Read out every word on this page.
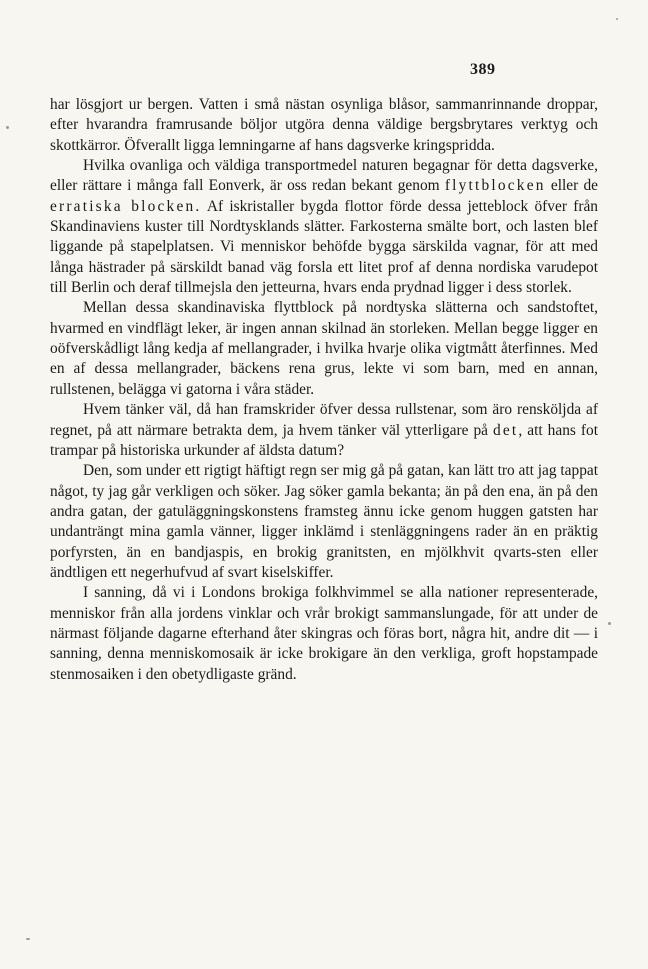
389

har lösgjort ur bergen. Vatten i små nästan osynliga blåsor, sammanrinnande droppar, efter hvarandra framrusande böljor utgöra denna väldige bergsbrytares verktyg och skottkärror. Öfverallt ligga lemningarne af hans dagsverke kringspridda.

Hvilka ovanliga och väldiga transportmedel naturen begagnar för detta dagsverke, eller rättare i många fall Eonverk, är oss redan bekant genom flyttblocken eller de erratiska blocken. Af iskristaller bygda flottor förde dessa jetteblock öfver från Skandinaviens kuster till Nordtysklands slätter. Farkosterna smälte bort, och lasten blef liggande på stapelplatsen. Vi menniskor behöfde bygga särskilda vagnar, för att med långa hästrader på särskildt banad väg forsla ett litet prof af denna nordiska varudepot till Berlin och deraf tillmejsla den jetteurna, hvars enda prydnad ligger i dess storlek.

Mellan dessa skandinaviska flyttblock på nordtyska slätterna och sandstoftet, hvarmed en vindflägt leker, är ingen annan skilnad än storleken. Mellan begge ligger en oöfverskådligt lång kedja af mellangrader, i hvilka hvarje olika vigtmått återfinnes. Med en af dessa mellangrader, bäckens rena grus, lekte vi som barn, med en annan, rullstenen, belägga vi gatorna i våra städer.

Hvem tänker väl, då han framskrider öfver dessa rullstenar, som äro rensköljda af regnet, på att närmare betrakta dem, ja hvem tänker väl ytterligare på det, att hans fot trampar på historiska urkunder af äldsta datum?

Den, som under ett rigtigt häftigt regn ser mig gå på gatan, kan lätt tro att jag tappat något, ty jag går verkligen och söker. Jag söker gamla bekanta; än på den ena, än på den andra gatan, der gatuläggningskonstens framsteg ännu icke genom huggen gatsten har undanträngt mina gamla vänner, ligger inklämd i stenläggningens rader än en präktig porfyrsten, än en bandjaspis, en brokig granitsten, en mjölkhvit qvarts-sten eller ändtligen ett negerhufvud af svart kiselskiffer.

I sanning, då vi i Londons brokiga folkhvimmel se alla nationer representerade, menniskor från alla jordens vinklar och vrår brokigt sammanslungade, för att under de närmast följande dagarne efterhand åter skingras och föras bort, några hit, andre dit — i sanning, denna menniskomosaik är icke brokigare än den verkliga, groft hopstampade stenmosaiken i den obetydligaste gränd.
